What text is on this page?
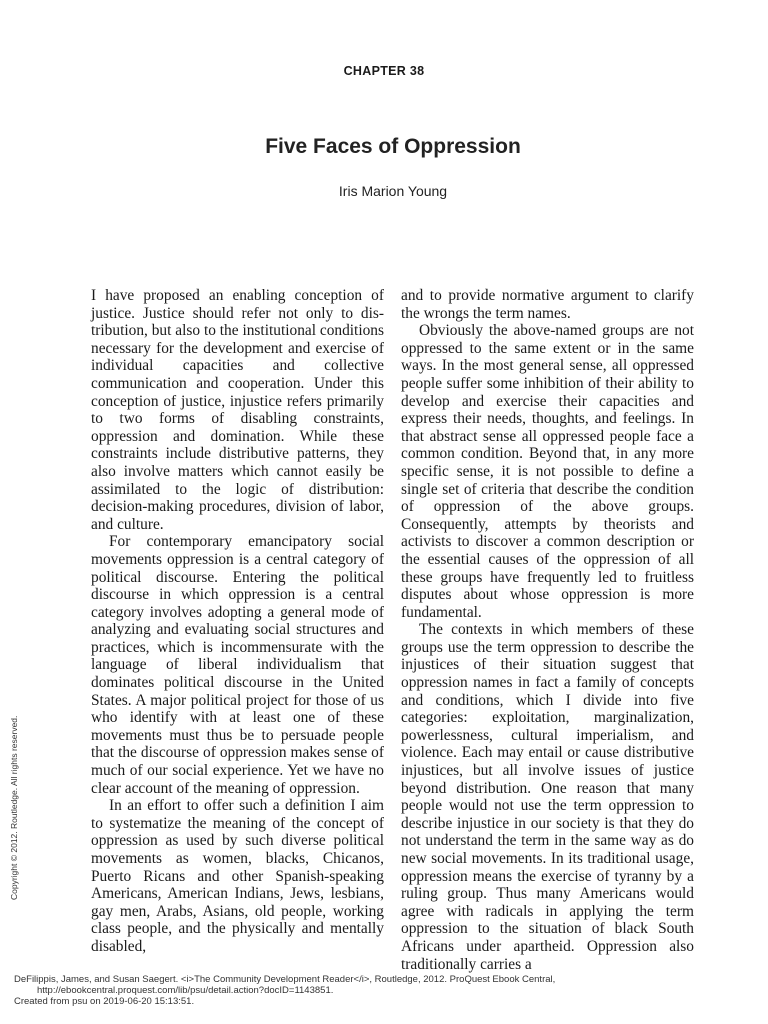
CHAPTER 38
Five Faces of Oppression
Iris Marion Young

I have proposed an enabling conception of justice. Justice should refer not only to distribution, but also to the institutional conditions necessary for the development and exercise of individual capacities and collective communication and cooperation. Under this conception of justice, injustice refers primarily to two forms of disabling constraints, oppression and domination. While these constraints include distributive patterns, they also involve matters which cannot easily be assimilated to the logic of distribution: decision-making procedures, division of labor, and culture.

For contemporary emancipatory social movements oppression is a central category of political discourse. Entering the political discourse in which oppression is a central category involves adopting a general mode of analyzing and evaluating social structures and practices, which is incommensurate with the language of liberal individualism that dominates political discourse in the United States. A major political project for those of us who identify with at least one of these movements must thus be to persuade people that the discourse of oppression makes sense of much of our social experience. Yet we have no clear account of the meaning of oppression.

In an effort to offer such a definition I aim to systematize the meaning of the concept of oppression as used by such diverse political movements as women, blacks, Chicanos, Puerto Ricans and other Spanish-speaking Americans, American Indians, Jews, lesbians, gay men, Arabs, Asians, old people, working class people, and the physically and mentally disabled,

and to provide normative argument to clarify the wrongs the term names.

Obviously the above-named groups are not oppressed to the same extent or in the same ways. In the most general sense, all oppressed people suffer some inhibition of their ability to develop and exercise their capacities and express their needs, thoughts, and feelings. In that abstract sense all oppressed people face a common condition. Beyond that, in any more specific sense, it is not possible to define a single set of criteria that describe the condition of oppression of the above groups. Consequently, attempts by theorists and activists to discover a common description or the essential causes of the oppression of all these groups have frequently led to fruitless disputes about whose oppression is more fundamental.

The contexts in which members of these groups use the term oppression to describe the injustices of their situation suggest that oppression names in fact a family of concepts and conditions, which I divide into five categories: exploitation, marginalization, powerlessness, cultural imperialism, and violence. Each may entail or cause distributive injustices, but all involve issues of justice beyond distribution. One reason that many people would not use the term oppression to describe injustice in our society is that they do not understand the term in the same way as do new social movements. In its traditional usage, oppression means the exercise of tyranny by a ruling group. Thus many Americans would agree with radicals in applying the term oppression to the situation of black South Africans under apartheid. Oppression also traditionally carries a

Copyright © 2012. Routledge. All rights reserved.
DeFilippis, James, and Susan Saegert. <i>The Community Development Reader</i>, Routledge, 2012. ProQuest Ebook Central,
http://ebookcentral.proquest.com/lib/psu/detail.action?docID=1143851.
Created from psu on 2019-06-20 15:13:51.
